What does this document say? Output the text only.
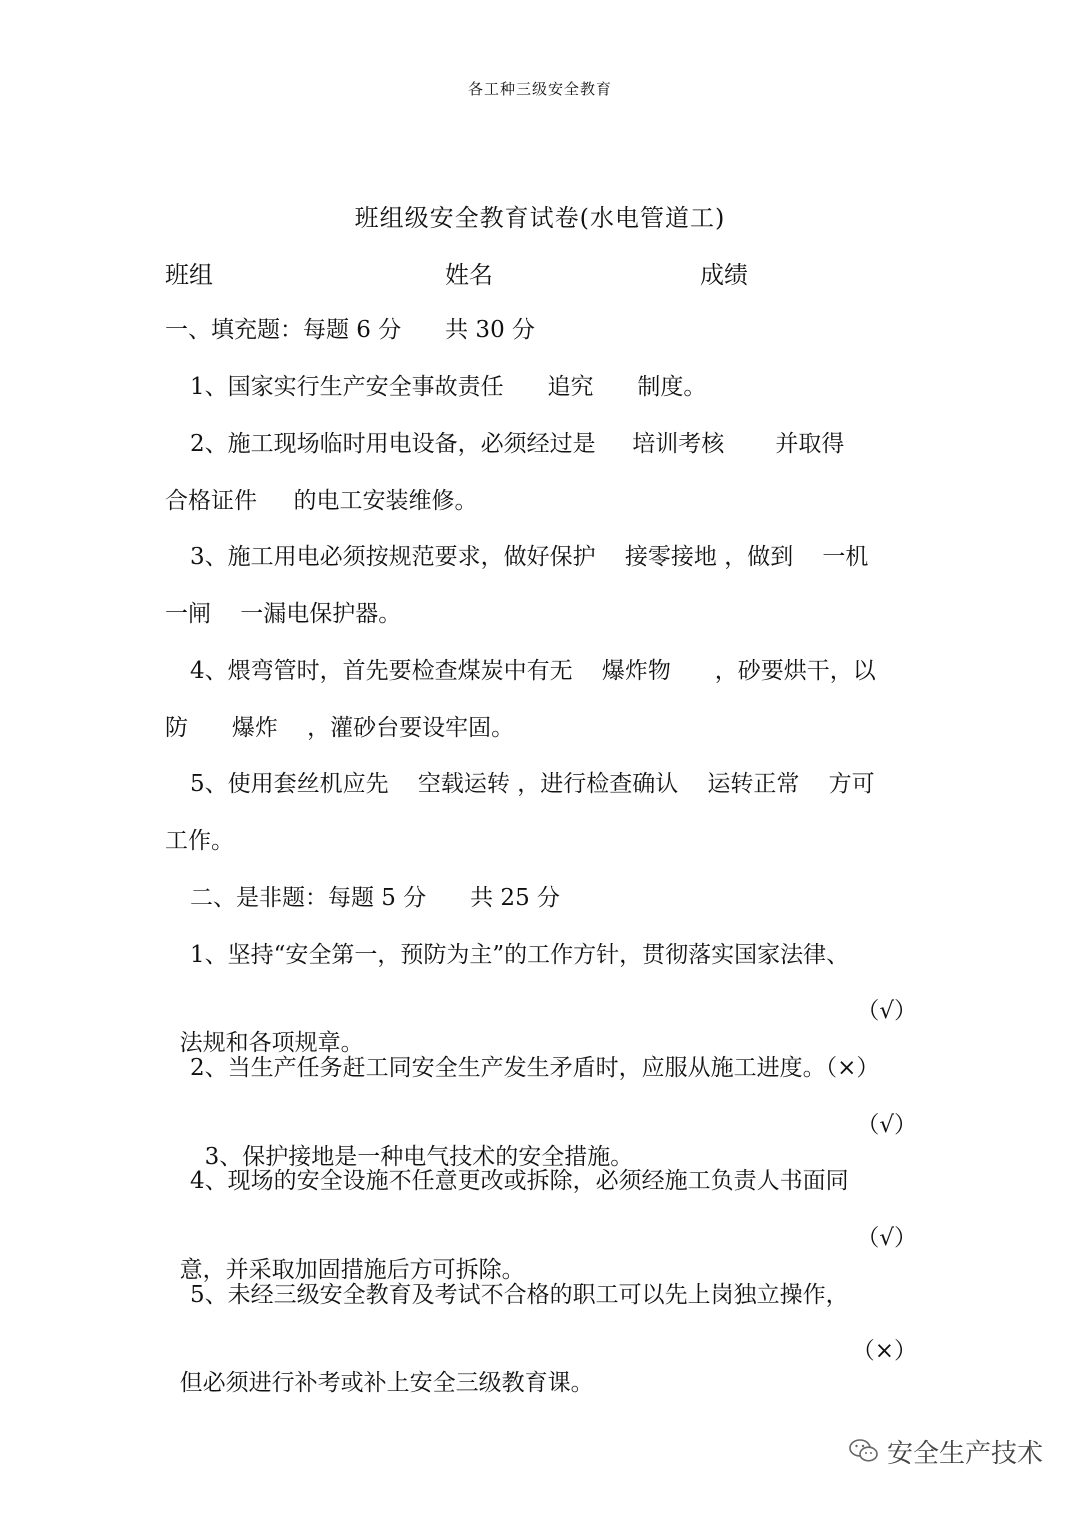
各工种三级安全教育
班组级安全教育试卷(水电管道工)
班组	姓名	成绩
一、填充题：每题 6 分      共 30 分
1、国家实行生产安全事故责任      追究      制度。
2、施工现场临时用电设备，必须经过是     培训考核       并取得
合格证件     的电工安装维修。
3、施工用电必须按规范要求，做好保护    接零接地 ，做到    一机
一闸    一漏电保护器。
4、煨弯管时，首先要检查煤炭中有无    爆炸物      ，砂要烘干，以
防      爆炸    ，灌砂台要设牢固。
5、使用套丝机应先    空载运转 ，进行检查确认    运转正常    方可
工作。
二、是非题：每题 5 分      共 25 分
1、坚持“安全第一，预防为主”的工作方针，贯彻落实国家法律、

法规和各项规章。

（√）

2、当生产任务赶工同安全生产发生矛盾时，应服从施工进度。（×）

3、保护接地是一种电气技术的安全措施。

（√）

4、现场的安全设施不任意更改或拆除，必须经施工负责人书面同

意，并采取加固措施后方可拆除。

（√）

5、未经三级安全教育及考试不合格的职工可以先上岗独立操作，

但必须进行补考或补上安全三级教育课。

（×）

安全生产技术
